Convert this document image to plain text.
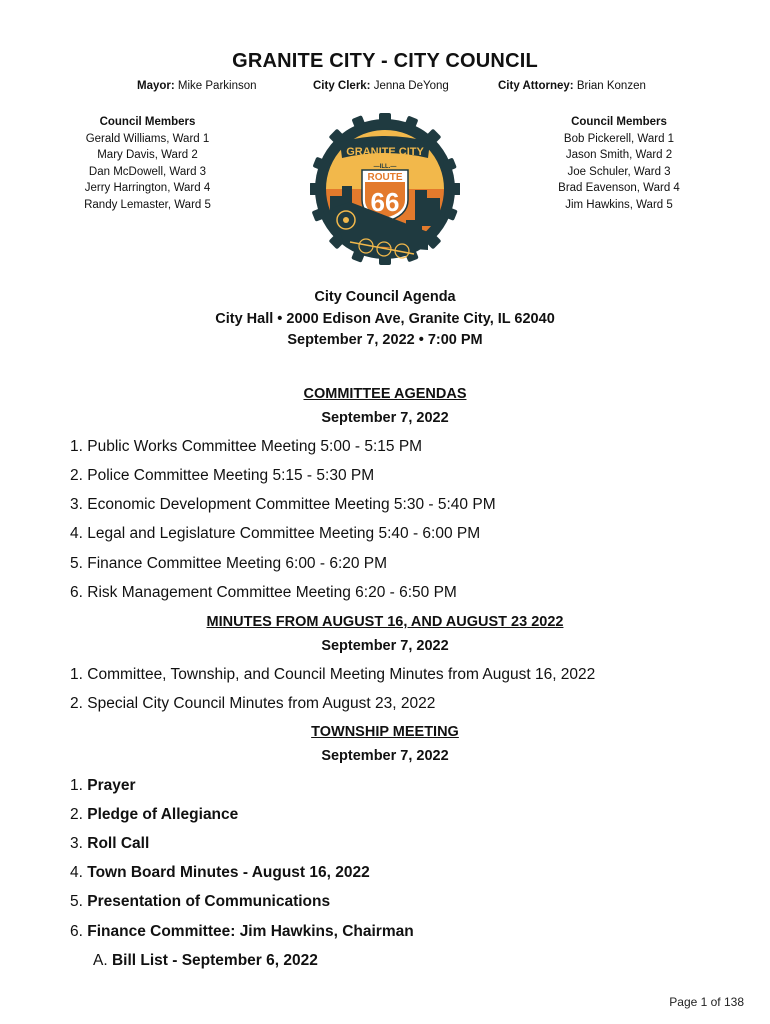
GRANITE CITY - CITY COUNCIL
Mayor: Mike Parkinson	City Clerk: Jenna DeYong	City Attorney: Brian Konzen
Council Members
Gerald Williams, Ward 1
Mary Davis, Ward 2
Dan McDowell, Ward 3
Jerry Harrington, Ward 4
Randy Lemaster, Ward 5
Council Members
Bob Pickerell, Ward 1
Jason Smith, Ward 2
Joe Schuler, Ward 3
Brad Eavenson, Ward 4
Jim Hawkins, Ward 5
GRANITE CITY
—ILL.—
ROUTE
66
City Council Agenda
City Hall • 2000 Edison Ave, Granite City, IL 62040
September 7, 2022 • 7:00 PM
COMMITTEE AGENDAS
September 7, 2022
1. Public Works Committee Meeting 5:00 - 5:15 PM
2. Police Committee Meeting 5:15 - 5:30 PM
3. Economic Development Committee Meeting 5:30 - 5:40 PM
4. Legal and Legislature Committee Meeting 5:40 - 6:00 PM
5. Finance Committee Meeting 6:00 - 6:20 PM
6. Risk Management Committee Meeting 6:20 - 6:50 PM
MINUTES FROM AUGUST 16, AND AUGUST 23 2022
September 7, 2022
1. Committee, Township, and Council Meeting Minutes from August 16, 2022
2. Special City Council Minutes from August 23, 2022
TOWNSHIP MEETING
September 7, 2022
1. Prayer
2. Pledge of Allegiance
3. Roll Call
4. Town Board Minutes - August 16, 2022
5. Presentation of Communications
6. Finance Committee: Jim Hawkins, Chairman
A. Bill List - September 6, 2022
Page 1 of 138
